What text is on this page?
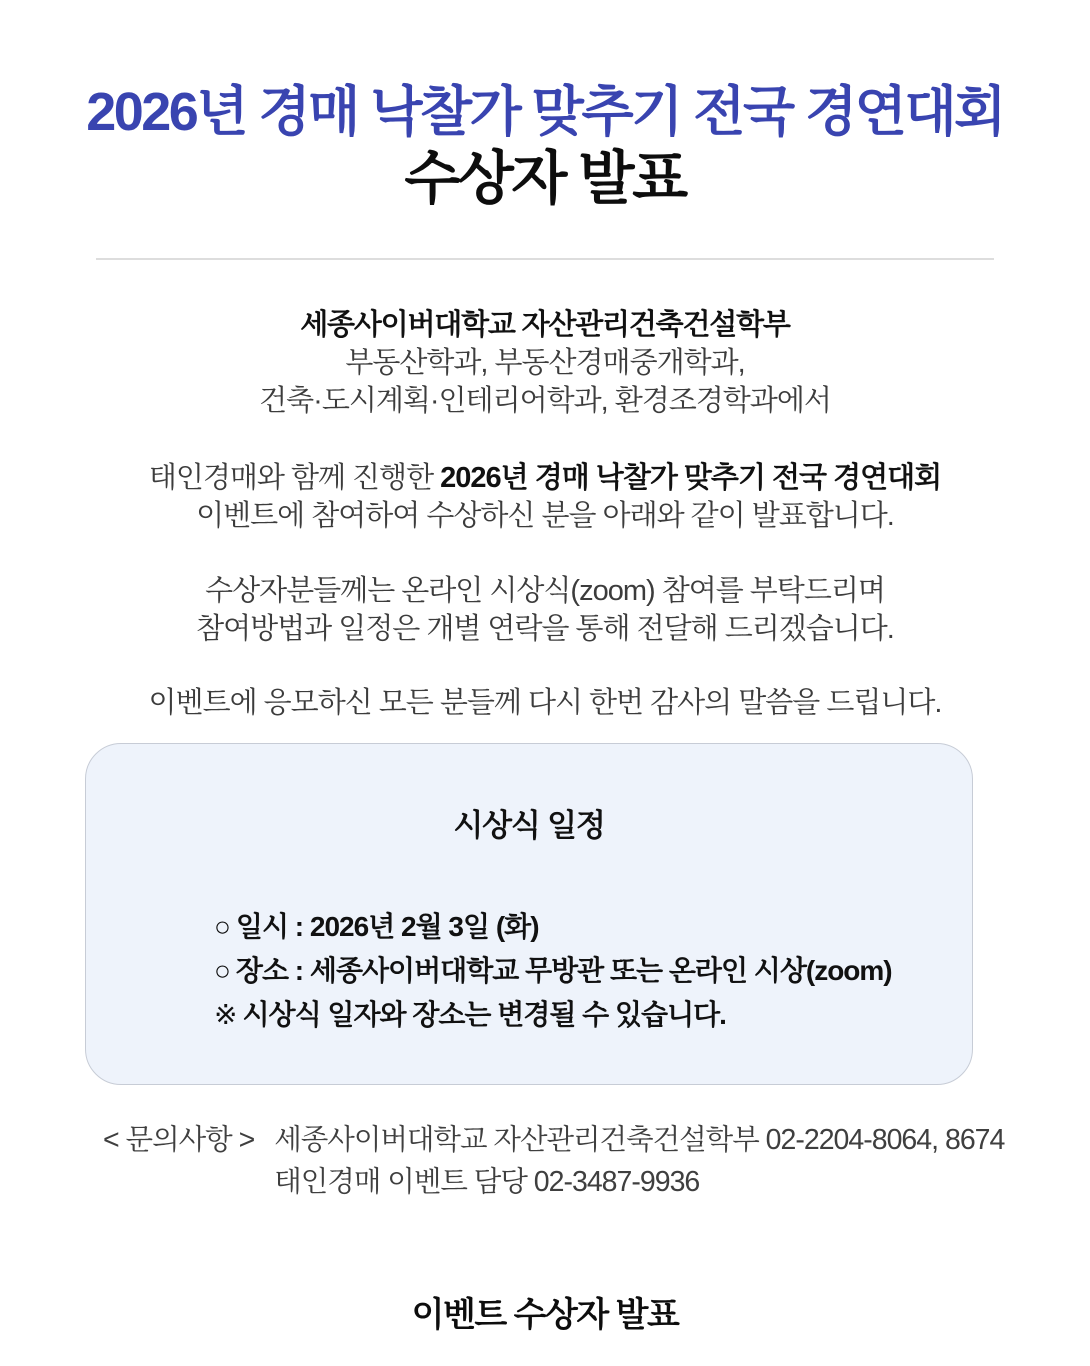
2026년 경매 낙찰가 맞추기 전국 경연대회
수상자 발표
세종사이버대학교 자산관리건축건설학부
부동산학과, 부동산경매중개학과,
건축·도시계획·인테리어학과, 환경조경학과에서
태인경매와 함께 진행한 2026년 경매 낙찰가 맞추기 전국 경연대회
이벤트에 참여하여 수상하신 분을 아래와 같이 발표합니다.
수상자분들께는 온라인 시상식(zoom) 참여를 부탁드리며
참여방법과 일정은 개별 연락을 통해 전달해 드리겠습니다.
이벤트에 응모하신 모든 분들께 다시 한번 감사의 말씀을 드립니다.
시상식 일정
○ 일시 : 2026년 2월 3일 (화)
○ 장소 : 세종사이버대학교 무방관 또는 온라인 시상(zoom)
※ 시상식 일자와 장소는 변경될 수 있습니다.
< 문의사항 > 세종사이버대학교 자산관리건축건설학부 02-2204-8064, 8674
태인경매 이벤트 담당 02-3487-9936
이벤트 수상자 발표
